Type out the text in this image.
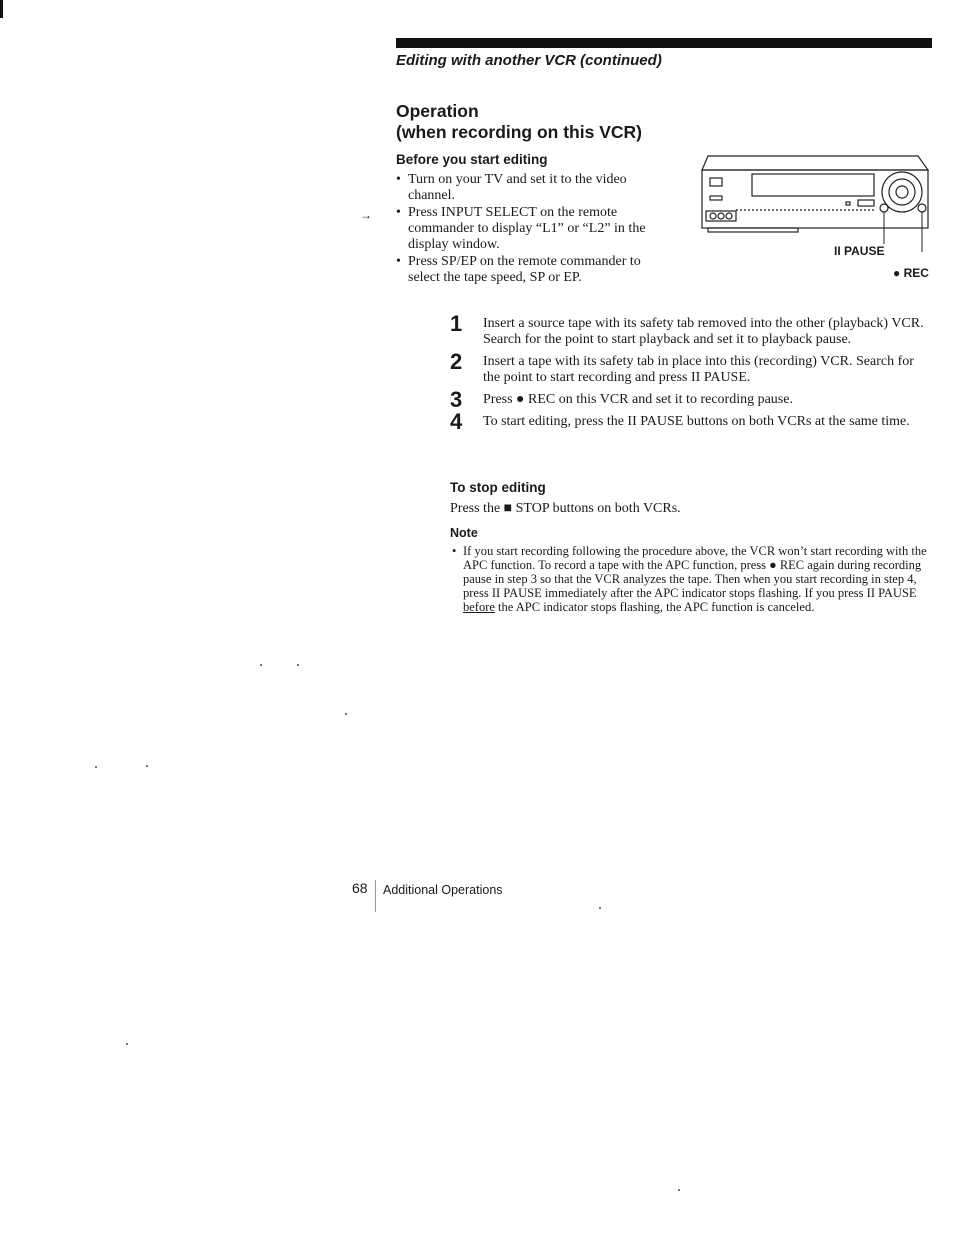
Editing with another VCR (continued)
Operation
(when recording on this VCR)
Before you start editing
→
• Turn on your TV and set it to the video channel.
• Press INPUT SELECT on the remote commander to display “L1” or “L2” in the display window.
• Press SP/EP on the remote commander to select the tape speed, SP or EP.
II PAUSE
● REC
1 Insert a source tape with its safety tab removed into the other (playback) VCR. Search for the point to start playback and set it to playback pause.
2 Insert a tape with its safety tab in place into this (recording) VCR. Search for the point to start recording and press II PAUSE.
3 Press ● REC on this VCR and set it to recording pause.
4 To start editing, press the II PAUSE buttons on both VCRs at the same time.
To stop editing
Press the ■ STOP buttons on both VCRs.
Note
• If you start recording following the procedure above, the VCR won’t start recording with the APC function. To record a tape with the APC function, press ● REC again during recording pause in step 3 so that the VCR analyzes the tape. Then when you start recording in step 4, press II PAUSE immediately after the APC indicator stops flashing. If you press II PAUSE before the APC indicator stops flashing, the APC function is canceled.
68 Additional Operations
